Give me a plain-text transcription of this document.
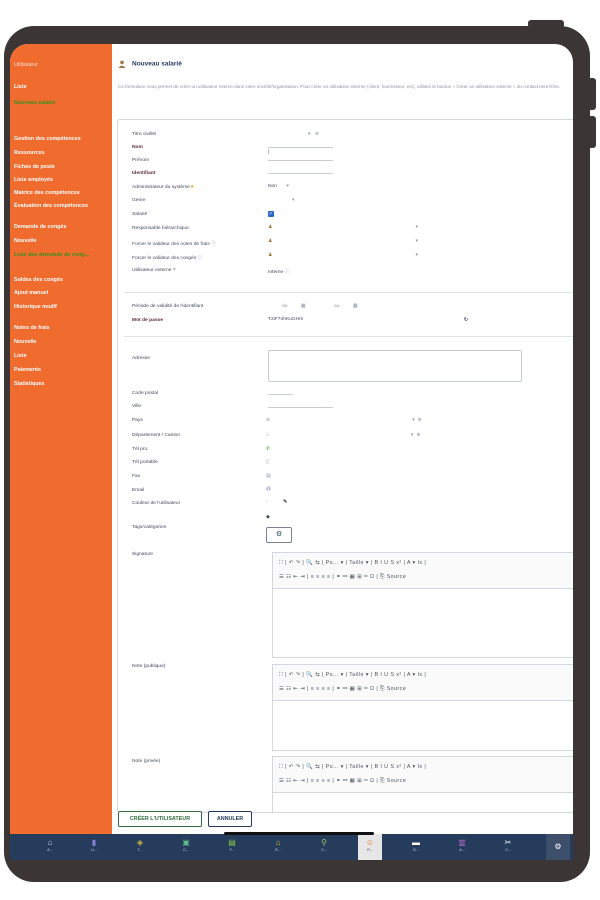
Utilisateur
Liste
Nouveau salarié
Gestion des compétences
Ressources
Fiches de poste
Liste employés
Matrice des compétences
Évaluation des compétences
Demande de congés
Nouvelle
Liste des demande de cong...
Soldes des congés
Ajout manuel
Historique modif
Notes de frais
Nouvelle
Liste
Paiements
Statistiques
Nouveau salarié
Ce formulaire vous permet de créer un utilisateur interne dans votre société/organisation. Pour créer un utilisateur externe (client, fournisseur, etc), utilisez le bouton « Créer un utilisateur externe » du contact tiers fiche.
Titre civilité	▾ ⊕
Nom
|
Prénom
Identifiant
Administrateur du système★	Non ▾
Genre	▾
Salarié	✓
Responsable hiérarchique	♟	▾
Forcer le valideur des notes de frais ⓘ
♟	▾
Forcer le valideur des congés ⓘ
♟	▾
Utilisateur externe ?	Interne ⓘ
Période de validité de l'identifiant	du	▦	au	▦
Mot de passe	T2iF7ohKuGHm	↻
Adresse
Code postal
Ville
Pays	⊘	▾ ⊕
Département / Canton	⌂	▾ ⊕
Tél pro.	✆
Tél portable	▯
Fax	▤
Email	@
Couleur de l'utilisateur	▫	✎
Tags/catégories
◆
⚙
Signature
⛶ | ↶ ↷ | 🔍 ⇆ | Po... ▾ | Taille ▾ | B I U S x² | A ▾ Ix |
☰ ☷ ⇤ ⇥ | ≡ ≡ ≡ ≡ | ⚭ ⚯ ▦ ⊞ ═ Ω | ⎘ Source
Note (publique)
⛶ | ↶ ↷ | 🔍 ⇆ | Po... ▾ | Taille ▾ | B I U S x² | A ▾ Ix |
☰ ☷ ⇤ ⇥ | ≡ ≡ ≡ ≡ | ⚭ ⚯ ▦ ⊞ ═ Ω | ⎘ Source
Note (privée)
⛶ | ↶ ↷ | 🔍 ⇆ | Po... ▾ | Taille ▾ | B I U S x² | A ▾ Ix |
☰ ☷ ⇤ ⇥ | ≡ ≡ ≡ ≡ | ⚭ ⚯ ▦ ⊞ ═ Ω | ⎘ Source
CRÉER L'UTILISATEUR	ANNULER
⌂
A...
▮
U...
◈
T...
▣
C...
▤
F...
⌂
B...
⚲
C...
☺
R...
▬
D...
▥
A...
✂
O...	⚙
